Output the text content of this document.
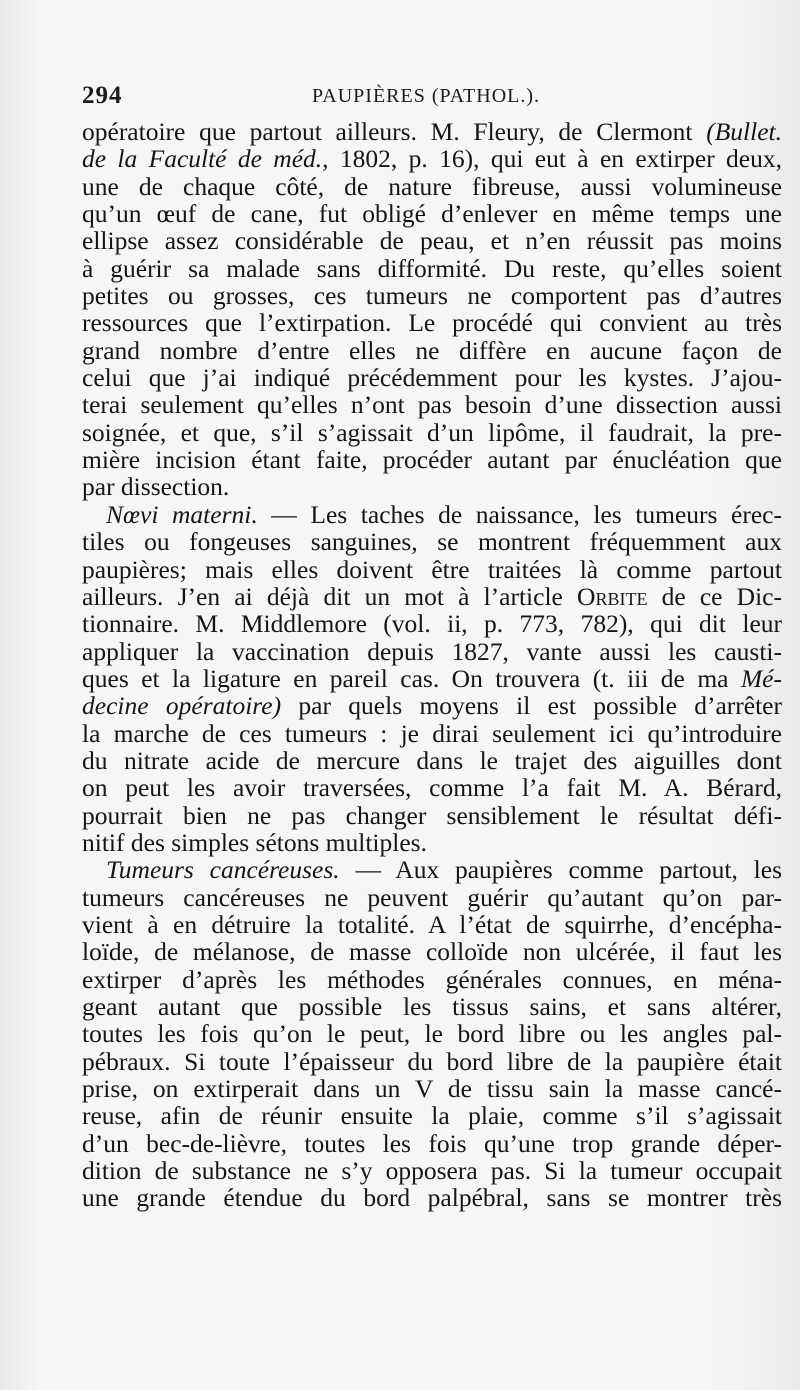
294	PAUPIÈRES (PATHOL.).
opératoire que partout ailleurs. M. Fleury, de Clermont (Bullet.
de la Faculté de méd., 1802, p. 16), qui eut à en extirper deux,
une de chaque côté, de nature fibreuse, aussi volumineuse
qu’un œuf de cane, fut obligé d’enlever en même temps une
ellipse assez considérable de peau, et n’en réussit pas moins
à guérir sa malade sans difformité. Du reste, qu’elles soient
petites ou grosses, ces tumeurs ne comportent pas d’autres
ressources que l’extirpation. Le procédé qui convient au très
grand nombre d’entre elles ne diffère en aucune façon de
celui que j’ai indiqué précédemment pour les kystes. J’ajou-
terai seulement qu’elles n’ont pas besoin d’une dissection aussi
soignée, et que, s’il s’agissait d’un lipôme, il faudrait, la pre-
mière incision étant faite, procéder autant par énucléation que
par dissection.
Nœvi materni. — Les taches de naissance, les tumeurs érec-
tiles ou fongeuses sanguines, se montrent fréquemment aux
paupières; mais elles doivent être traitées là comme partout
ailleurs. J’en ai déjà dit un mot à l’article Orbite de ce Dic-
tionnaire. M. Middlemore (vol. ii, p. 773, 782), qui dit leur
appliquer la vaccination depuis 1827, vante aussi les causti-
ques et la ligature en pareil cas. On trouvera (t. iii de ma Mé-
decine opératoire) par quels moyens il est possible d’arrêter
la marche de ces tumeurs : je dirai seulement ici qu’introduire
du nitrate acide de mercure dans le trajet des aiguilles dont
on peut les avoir traversées, comme l’a fait M. A. Bérard,
pourrait bien ne pas changer sensiblement le résultat défi-
nitif des simples sétons multiples.
Tumeurs cancéreuses. — Aux paupières comme partout, les
tumeurs cancéreuses ne peuvent guérir qu’autant qu’on par-
vient à en détruire la totalité. A l’état de squirrhe, d’encépha-
loïde, de mélanose, de masse colloïde non ulcérée, il faut les
extirper d’après les méthodes générales connues, en ména-
geant autant que possible les tissus sains, et sans altérer,
toutes les fois qu’on le peut, le bord libre ou les angles pal-
pébraux. Si toute l’épaisseur du bord libre de la paupière était
prise, on extirperait dans un V de tissu sain la masse cancé-
reuse, afin de réunir ensuite la plaie, comme s’il s’agissait
d’un bec-de-lièvre, toutes les fois qu’une trop grande déper-
dition de substance ne s’y opposera pas. Si la tumeur occupait
une grande étendue du bord palpébral, sans se montrer très
